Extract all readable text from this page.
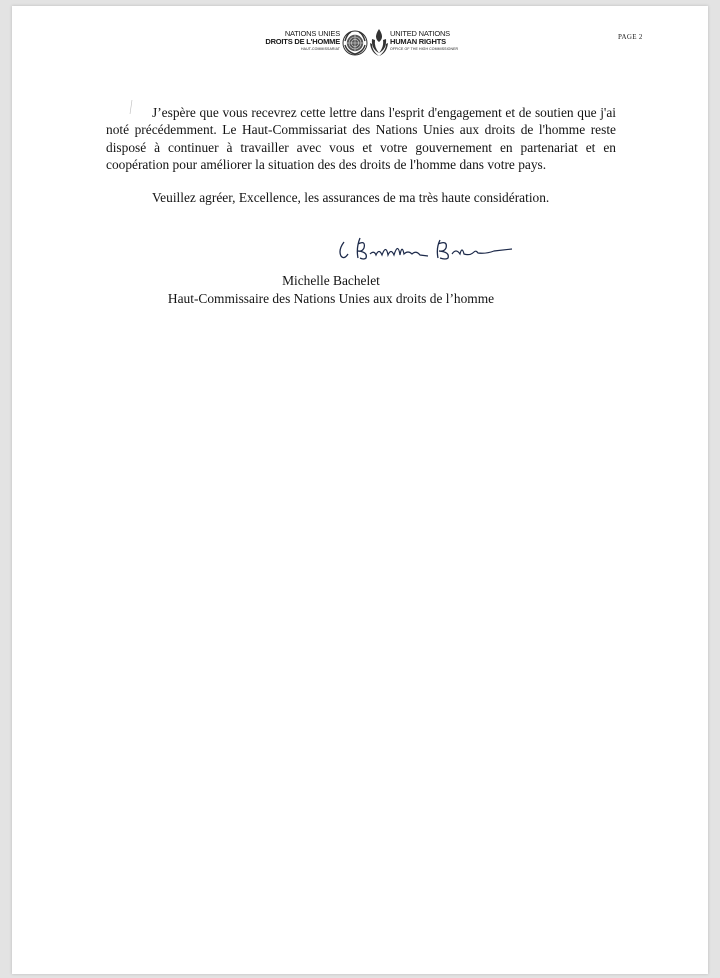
NATIONS UNIES
DROITS DE L'HOMME
HAUT-COMMISSARIAT
UNITED NATIONS
HUMAN RIGHTS
OFFICE OF THE HIGH COMMISSIONER
PAGE 2

J’espère que vous recevrez cette lettre dans l'esprit d'engagement et de soutien que j'ai noté précédemment. Le Haut-Commissariat des Nations Unies aux droits de l'homme reste disposé à continuer à travailler avec vous et votre gouvernement en partenariat et en coopération pour améliorer la situation des des droits de l'homme dans votre pays.

Veuillez agréer, Excellence, les assurances de ma très haute considération.

Michelle Bachelet
Haut-Commissaire des Nations Unies aux droits de l’homme
